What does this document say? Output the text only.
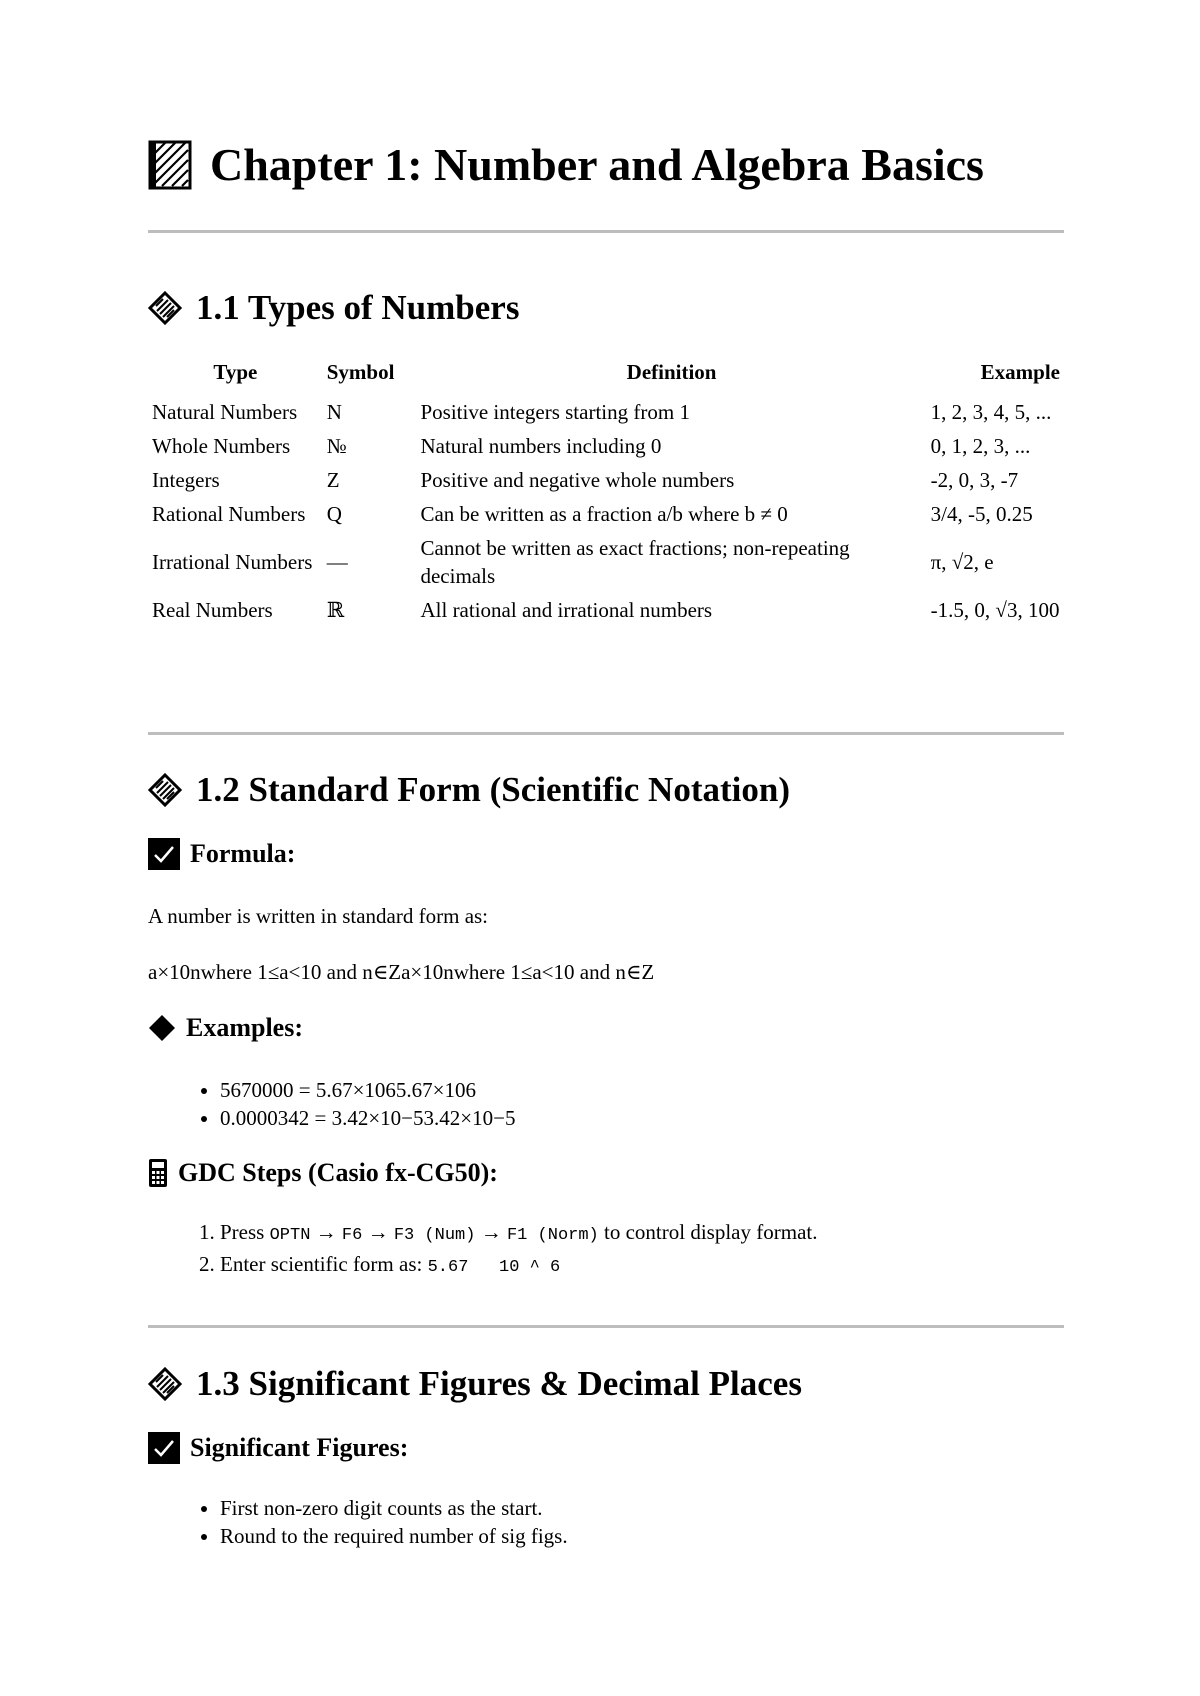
Chapter 1: Number and Algebra Basics
1.1 Types of Numbers
Type	Symbol	Definition	Example
Natural Numbers	N	Positive integers starting from 1	1, 2, 3, 4, 5, ...
Whole Numbers	№	Natural numbers including 0	0, 1, 2, 3, ...
Integers	Z	Positive and negative whole numbers	-2, 0, 3, -7
Rational Numbers	Q	Can be written as a fraction a/b where b ≠ 0	3/4, -5, 0.25
Irrational Numbers	—	Cannot be written as exact fractions; non-repeating decimals	π, √2, e
Real Numbers	ℝ	All rational and irrational numbers	-1.5, 0, √3, 100
1.2 Standard Form (Scientific Notation)
Formula:
A number is written in standard form as:
a×10nwhere 1≤a<10 and n∈Za×10nwhere 1≤a<10 and n∈Z
Examples:
• 5670000 = 5.67×1065.67×106
• 0.0000342 = 3.42×10−53.42×10−5
GDC Steps (Casio fx-CG50):
1. Press OPTN → F6 → F3 (Num) → F1 (Norm) to control display format.
2. Enter scientific form as: 5.67   10 ^ 6
1.3 Significant Figures & Decimal Places
Significant Figures:
• First non-zero digit counts as the start.
• Round to the required number of sig figs.
